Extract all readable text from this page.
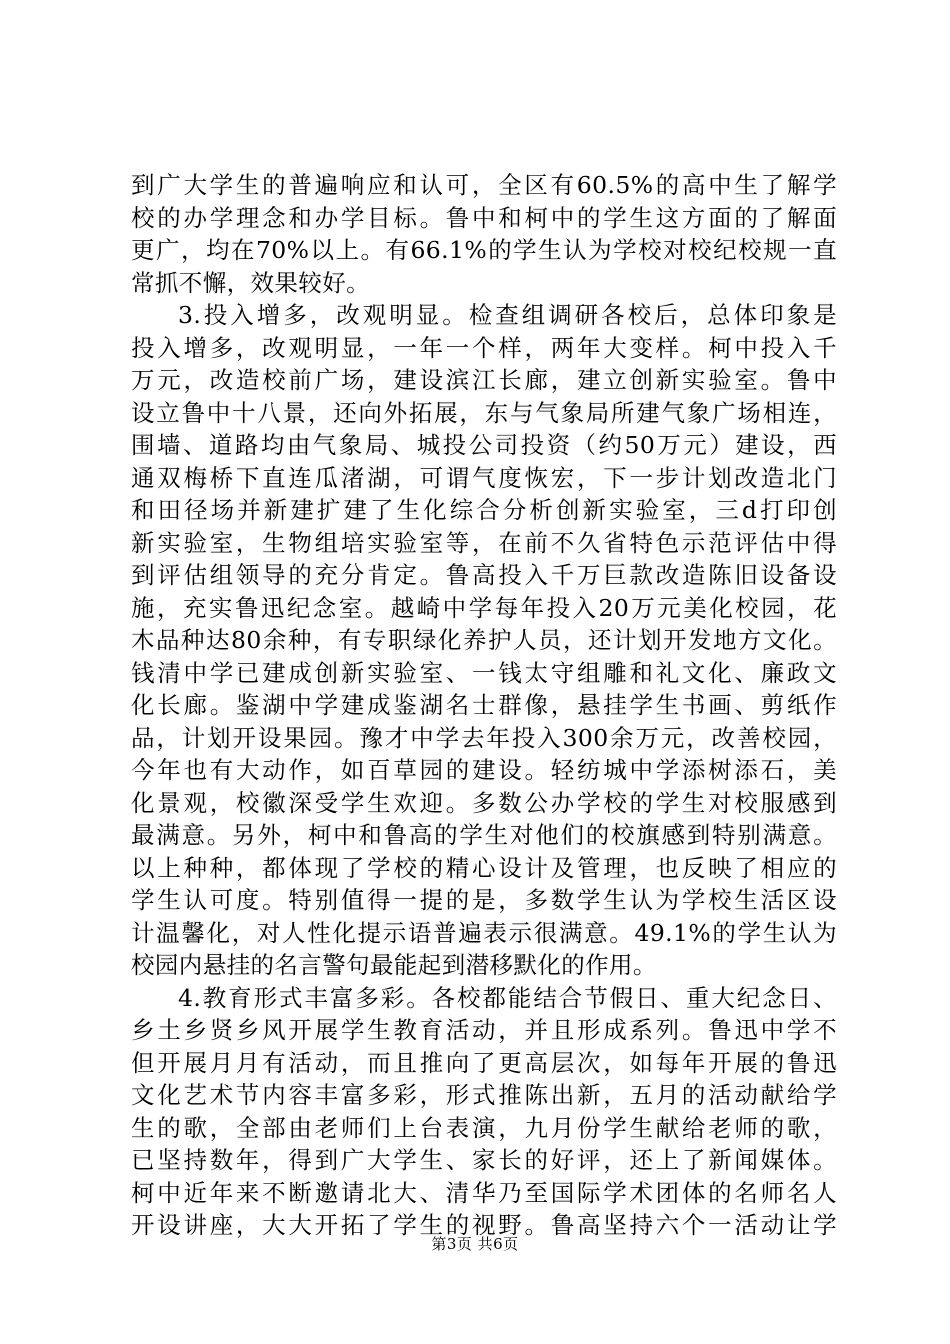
到广大学生的普遍响应和认可，全区有60.5%的高中生了解学
校的办学理念和办学目标。鲁中和柯中的学生这方面的了解面
更广，均在70%以上。有66.1%的学生认为学校对校纪校规一直
常抓不懈，效果较好。
3.投入增多，改观明显。检查组调研各校后，总体印象是
投入增多，改观明显，一年一个样，两年大变样。柯中投入千
万元，改造校前广场，建设滨江长廊，建立创新实验室。鲁中
设立鲁中十八景，还向外拓展，东与气象局所建气象广场相连，
围墙、道路均由气象局、城投公司投资（约50万元）建设，西
通双梅桥下直连瓜渚湖，可谓气度恢宏，下一步计划改造北门
和田径场并新建扩建了生化综合分析创新实验室，三d打印创
新实验室，生物组培实验室等，在前不久省特色示范评估中得
到评估组领导的充分肯定。鲁高投入千万巨款改造陈旧设备设
施，充实鲁迅纪念室。越崎中学每年投入20万元美化校园，花
木品种达80余种，有专职绿化养护人员，还计划开发地方文化。
钱清中学已建成创新实验室、一钱太守组雕和礼文化、廉政文
化长廊。鉴湖中学建成鉴湖名士群像，悬挂学生书画、剪纸作
品，计划开设果园。豫才中学去年投入300余万元，改善校园，
今年也有大动作，如百草园的建设。轻纺城中学添树添石，美
化景观，校徽深受学生欢迎。多数公办学校的学生对校服感到
最满意。另外，柯中和鲁高的学生对他们的校旗感到特别满意。
以上种种，都体现了学校的精心设计及管理，也反映了相应的
学生认可度。特别值得一提的是，多数学生认为学校生活区设
计温馨化，对人性化提示语普遍表示很满意。49.1%的学生认为
校园内悬挂的名言警句最能起到潜移默化的作用。
4.教育形式丰富多彩。各校都能结合节假日、重大纪念日、
乡土乡贤乡风开展学生教育活动，并且形成系列。鲁迅中学不
但开展月月有活动，而且推向了更高层次，如每年开展的鲁迅
文化艺术节内容丰富多彩，形式推陈出新，五月的活动献给学
生的歌，全部由老师们上台表演，九月份学生献给老师的歌，
已坚持数年，得到广大学生、家长的好评，还上了新闻媒体。
柯中近年来不断邀请北大、清华乃至国际学术团体的名师名人
开设讲座，大大开拓了学生的视野。鲁高坚持六个一活动让学
第3页 共6页
